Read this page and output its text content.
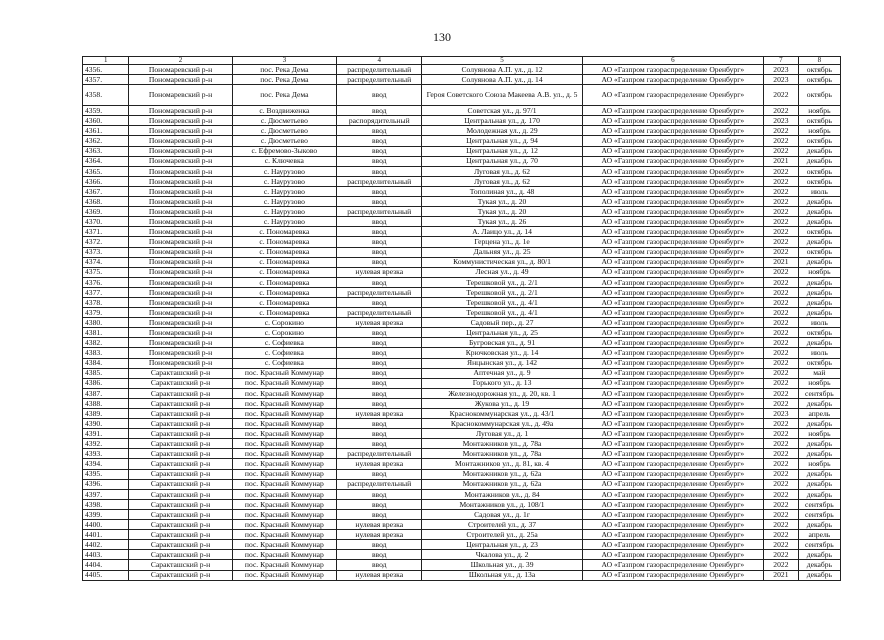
130
1	2	3	4	5	6	7	8
4356.	Пономаревский р-н	пос. Река Дема	распределительный	Солуянова А.П. ул., д. 12	АО «Газпром газораспределение Оренбург»	2023	октябрь
4357.	Пономаревский р-н	пос. Река Дема	распределительный	Солуянова А.П. ул., д. 14	АО «Газпром газораспределение Оренбург»	2023	октябрь
4358.	Пономаревский р-н	пос. Река Дема	ввод	Героя Советского Союза Макеева А.В. ул., д. 5	АО «Газпром газораспределение Оренбург»	2022	октябрь
4359.	Пономаревский р-н	с. Воздвиженка	ввод	Советская ул., д. 97/1	АО «Газпром газораспределение Оренбург»	2022	ноябрь
4360.	Пономаревский р-н	с. Дюсметьево	распорядительный	Центральная ул., д. 170	АО «Газпром газораспределение Оренбург»	2023	октябрь
4361.	Пономаревский р-н	с. Дюсметьево	ввод	Молодежная ул., д. 29	АО «Газпром газораспределение Оренбург»	2022	ноябрь
4362.	Пономаревский р-н	с. Дюсметьево	ввод	Центральная ул., д. 94	АО «Газпром газораспределение Оренбург»	2022	октябрь
4363.	Пономаревский р-н	с. Ефремово-Зыково	ввод	Центральная ул., д. 12	АО «Газпром газораспределение Оренбург»	2022	декабрь
4364.	Пономаревский р-н	с. Ключевка	ввод	Центральная ул., д. 70	АО «Газпром газораспределение Оренбург»	2021	декабрь
4365.	Пономаревский р-н	с. Наурузово	ввод	Луговая ул., д. 62	АО «Газпром газораспределение Оренбург»	2022	октябрь
4366.	Пономаревский р-н	с. Наурузово	распределительный	Луговая ул., д. 62	АО «Газпром газораспределение Оренбург»	2022	октябрь
4367.	Пономаревский р-н	с. Наурузово	ввод	Тополиная ул., д. 48	АО «Газпром газораспределение Оренбург»	2022	июль
4368.	Пономаревский р-н	с. Наурузово	ввод	Тукая ул., д. 20	АО «Газпром газораспределение Оренбург»	2022	декабрь
4369.	Пономаревский р-н	с. Наурузово	распределительный	Тукая ул., д. 20	АО «Газпром газораспределение Оренбург»	2022	декабрь
4370.	Пономаревский р-н	с. Наурузово	ввод	Тукая ул., д. 26	АО «Газпром газораспределение Оренбург»	2022	декабрь
4371.	Пономаревский р-н	с. Пономаревка	ввод	А. Лаицо ул., д. 14	АО «Газпром газораспределение Оренбург»	2022	октябрь
4372.	Пономаревский р-н	с. Пономаревка	ввод	Герцена ул., д. 1е	АО «Газпром газораспределение Оренбург»	2022	декабрь
4373.	Пономаревский р-н	с. Пономаревка	ввод	Дальняя ул., д. 25	АО «Газпром газораспределение Оренбург»	2022	октябрь
4374.	Пономаревский р-н	с. Пономаревка	ввод	Коммунистическая ул., д. 80/1	АО «Газпром газораспределение Оренбург»	2021	декабрь
4375.	Пономаревский р-н	с. Пономаревка	нулевая врезка	Лесная ул., д. 49	АО «Газпром газораспределение Оренбург»	2022	ноябрь
4376.	Пономаревский р-н	с. Пономаревка	ввод	Терешковой ул., д. 2/1	АО «Газпром газораспределение Оренбург»	2022	декабрь
4377.	Пономаревский р-н	с. Пономаревка	распределительный	Терешковой ул., д. 2/1	АО «Газпром газораспределение Оренбург»	2022	декабрь
4378.	Пономаревский р-н	с. Пономаревка	ввод	Терешковой ул., д. 4/1	АО «Газпром газораспределение Оренбург»	2022	декабрь
4379.	Пономаревский р-н	с. Пономаревка	распределительный	Терешковой ул., д. 4/1	АО «Газпром газораспределение Оренбург»	2022	декабрь
4380.	Пономаревский р-н	с. Сорокино	нулевая врезка	Садовый пер., д. 27	АО «Газпром газораспределение Оренбург»	2022	июль
4381.	Пономаревский р-н	с. Сорокино	ввод	Центральная ул., д. 25	АО «Газпром газораспределение Оренбург»	2022	октябрь
4382.	Пономаревский р-н	с. Софиевка	ввод	Бугровская ул., д. 91	АО «Газпром газораспределение Оренбург»	2022	декабрь
4383.	Пономаревский р-н	с. Софиевка	ввод	Крючковская ул., д. 14	АО «Газпром газораспределение Оренбург»	2022	июль
4384.	Пономаревский р-н	с. Софиевка	ввод	Янцынская ул., д. 142	АО «Газпром газораспределение Оренбург»	2022	октябрь
4385.	Саракташский р-н	пос. Красный Коммунар	ввод	Аптечная ул., д. 9	АО «Газпром газораспределение Оренбург»	2022	май
4386.	Саракташский р-н	пос. Красный Коммунар	ввод	Горького ул., д. 13	АО «Газпром газораспределение Оренбург»	2022	ноябрь
4387.	Саракташский р-н	пос. Красный Коммунар	ввод	Железнодорожная ул., д. 20, кв. 1	АО «Газпром газораспределение Оренбург»	2022	сентябрь
4388.	Саракташский р-н	пос. Красный Коммунар	ввод	Жукова ул., д. 19	АО «Газпром газораспределение Оренбург»	2022	декабрь
4389.	Саракташский р-н	пос. Красный Коммунар	нулевая врезка	Краснокоммунарская ул., д. 43/1	АО «Газпром газораспределение Оренбург»	2023	апрель
4390.	Саракташский р-н	пос. Красный Коммунар	ввод	Краснокоммунарская ул., д. 49а	АО «Газпром газораспределение Оренбург»	2022	декабрь
4391.	Саракташский р-н	пос. Красный Коммунар	ввод	Луговая ул., д. 1	АО «Газпром газораспределение Оренбург»	2022	ноябрь
4392.	Саракташский р-н	пос. Красный Коммунар	ввод	Монтажников ул., д. 78а	АО «Газпром газораспределение Оренбург»	2022	декабрь
4393.	Саракташский р-н	пос. Красный Коммунар	распределительный	Монтажников ул., д. 78а	АО «Газпром газораспределение Оренбург»	2022	декабрь
4394.	Саракташский р-н	пос. Красный Коммунар	нулевая врезка	Монтажников ул., д. 81, кв. 4	АО «Газпром газораспределение Оренбург»	2022	ноябрь
4395.	Саракташский р-н	пос. Красный Коммунар	ввод	Монтажников ул., д. 62а	АО «Газпром газораспределение Оренбург»	2022	декабрь
4396.	Саракташский р-н	пос. Красный Коммунар	распределительный	Монтажников ул., д. 62а	АО «Газпром газораспределение Оренбург»	2022	декабрь
4397.	Саракташский р-н	пос. Красный Коммунар	ввод	Монтажников ул., д. 84	АО «Газпром газораспределение Оренбург»	2022	декабрь
4398.	Саракташский р-н	пос. Красный Коммунар	ввод	Монтажников ул., д. 108/1	АО «Газпром газораспределение Оренбург»	2022	сентябрь
4399.	Саракташский р-н	пос. Красный Коммунар	ввод	Садовая ул., д. 1г	АО «Газпром газораспределение Оренбург»	2022	сентябрь
4400.	Саракташский р-н	пос. Красный Коммунар	нулевая врезка	Строителей ул., д. 37	АО «Газпром газораспределение Оренбург»	2022	декабрь
4401.	Саракташский р-н	пос. Красный Коммунар	нулевая врезка	Строителей ул., д. 25а	АО «Газпром газораспределение Оренбург»	2022	апрель
4402.	Саракташский р-н	пос. Красный Коммунар	ввод	Центральная ул., д. 23	АО «Газпром газораспределение Оренбург»	2022	сентябрь
4403.	Саракташский р-н	пос. Красный Коммунар	ввод	Чкалова ул., д. 2	АО «Газпром газораспределение Оренбург»	2022	декабрь
4404.	Саракташский р-н	пос. Красный Коммунар	ввод	Школьная ул., д. 39	АО «Газпром газораспределение Оренбург»	2022	декабрь
4405.	Саракташский р-н	пос. Красный Коммунар	нулевая врезка	Школьная ул., д. 13а	АО «Газпром газораспределение Оренбург»	2021	декабрь
